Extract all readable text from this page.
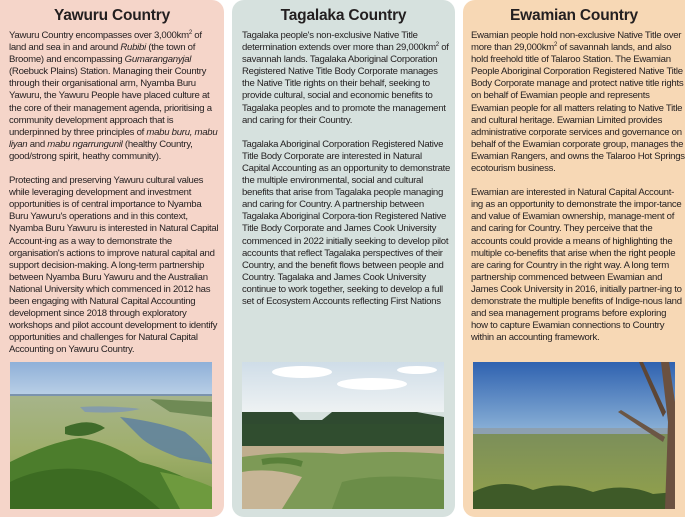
Yawuru Country

Yawuru Country encompasses over $3,000km^2$ of land and sea in and around Rubibi (the town of Broome) and encompassing Gumaranganyjal (Roebuck Plains) Station. Managing their Country through their organisational arm, Nyamba Buru Yawuru, the Yawuru People have placed culture at the core of their management agenda, prioritising a community development approach that is underpinned by three principles of mabu buru, mabu liyan and mabu ngarrungunil (healthy Country, good/strong spirit, heathy community).

Protecting and preserving Yawuru cultural values while leveraging development and investment opportunities is of central importance to Nyamba Buru Yawuru's operations and in this context, Nyamba Buru Yawuru is interested in Natural Capital Account-ing as a way to demonstrate the organisation's actions to improve natural capital and support decision-making. A long-term partnership between Nyamba Buru Yawuru and the Australian National University which commenced in 2012 has been engaging with Natural Capital Accounting development since 2018 through exploratory workshops and pilot account development to identify opportunities and challenges for Natural Capital Accounting on Yawuru Country.

Tagalaka Country

Tagalaka people's non-exclusive Native Title determination extends over more than $29,000km^2$ of savannah lands. Tagalaka Aboriginal Corporation Registered Native Title Body Corporate manages the Native Title rights on their behalf, seeking to provide cultural, social and economic benefits to Tagalaka peoples and to promote the management and caring for their Country.

Tagalaka Aboriginal Corporation Registered Native Title Body Corporate are interested in Natural Capital Accounting as an opportunity to demonstrate the multiple environmental, social and cultural benefits that arise from Tagalaka people managing and caring for Country. A partnership between Tagalaka Aboriginal Corpora-tion Registered Native Title Body Corporate and James Cook University commenced in 2022 initially seeking to develop pilot accounts that reflect Tagalaka perspectives of their Country, and the benefit flows between people and Country. Tagalaka and James Cook University continue to work together, seeking to develop a full set of Ecosystem Accounts reflecting First Nations

Ewamian Country

Ewamian people hold non-exclusive Native Title over more than $29,000km^2$ of savannah lands, and also hold freehold title of Talaroo Station. The Ewamian People Aboriginal Corporation Registered Native Title Body Corporate manage and protect native title rights on behalf of Ewamian people and represents Ewamian people for all matters relating to Native Title and cultural heritage. Ewamian Limited provides administrative corporate services and governance on behalf of the Ewamian corporate group, manages the Ewamian Rangers, and owns the Talaroo Hot Springs ecotourism business.

Ewamian are interested in Natural Capital Account-ing as an opportunity to demonstrate the impor-tance and value of Ewamian ownership, manage-ment of and caring for Country. They perceive that the accounts could provide a means of highlighting the multiple co-benefits that arise when the right people are caring for Country in the right way. A long term partnership commenced between Ewamian and James Cook University in 2016, initially partner-ing to demonstrate the multiple benefits of Indige-nous land and sea management programs before exploring how to capture Ewamian connections to Country within an accounting framework.
